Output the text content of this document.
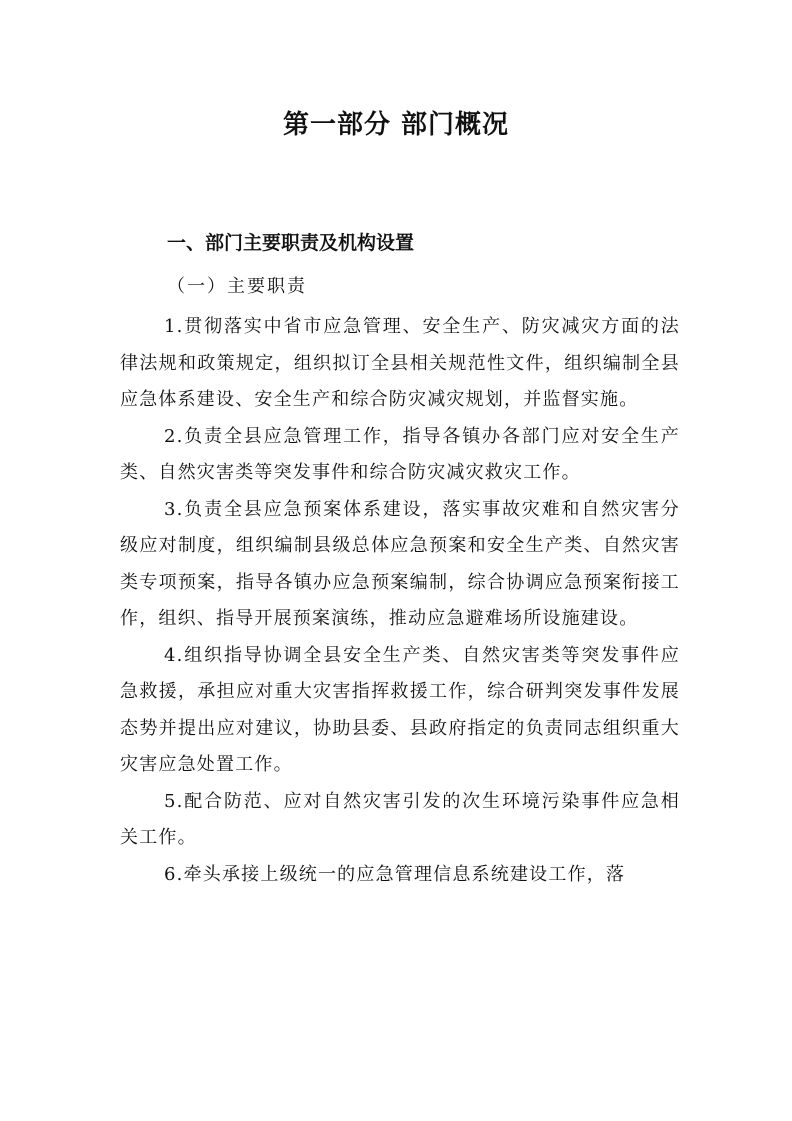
第一部分 部门概况
一、部门主要职责及机构设置
（一）主要职责

1.贯彻落实中省市应急管理、安全生产、防灾减灾方面的法律法规和政策规定，组织拟订全县相关规范性文件，组织编制全县应急体系建设、安全生产和综合防灾减灾规划，并监督实施。

2.负责全县应急管理工作，指导各镇办各部门应对安全生产类、自然灾害类等突发事件和综合防灾减灾救灾工作。

3.负责全县应急预案体系建设，落实事故灾难和自然灾害分级应对制度，组织编制县级总体应急预案和安全生产类、自然灾害类专项预案，指导各镇办应急预案编制，综合协调应急预案衔接工作，组织、指导开展预案演练，推动应急避难场所设施建设。

4.组织指导协调全县安全生产类、自然灾害类等突发事件应急救援，承担应对重大灾害指挥救援工作，综合研判突发事件发展态势并提出应对建议，协助县委、县政府指定的负责同志组织重大灾害应急处置工作。

5.配合防范、应对自然灾害引发的次生环境污染事件应急相关工作。

6.牵头承接上级统一的应急管理信息系统建设工作，落
